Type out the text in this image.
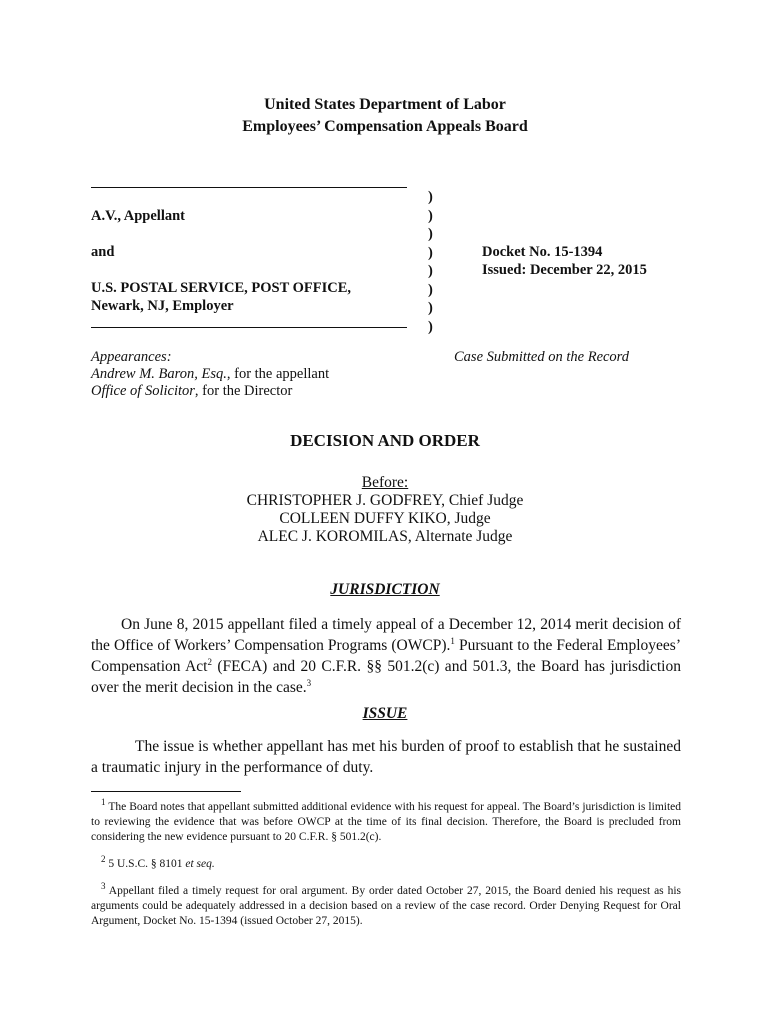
United States Department of Labor
Employees’ Compensation Appeals Board
A.V., Appellant
and
U.S. POSTAL SERVICE, POST OFFICE,
Newark, NJ, Employer
)
)
)
)
)
)
)
)
Docket No. 15-1394
Issued: December 22, 2015
Appearances:
Andrew M. Baron, Esq., for the appellant
Office of Solicitor, for the Director
Case Submitted on the Record
DECISION AND ORDER
Before:
CHRISTOPHER J. GODFREY, Chief Judge
COLLEEN DUFFY KIKO, Judge
ALEC J. KOROMILAS, Alternate Judge
JURISDICTION
On June 8, 2015 appellant filed a timely appeal of a December 12, 2014 merit decision of the Office of Workers’ Compensation Programs (OWCP).$^1$ Pursuant to the Federal Employees’ Compensation Act$^2$ (FECA) and 20 C.F.R. §§ 501.2(c) and 501.3, the Board has jurisdiction over the merit decision in the case.$^3$
ISSUE
The issue is whether appellant has met his burden of proof to establish that he sustained a traumatic injury in the performance of duty.
$^1$ The Board notes that appellant submitted additional evidence with his request for appeal. The Board’s jurisdiction is limited to reviewing the evidence that was before OWCP at the time of its final decision. Therefore, the Board is precluded from considering the new evidence pursuant to 20 C.F.R. § 501.2(c).
$^2$ 5 U.S.C. § 8101 et seq.
$^3$ Appellant filed a timely request for oral argument. By order dated October 27, 2015, the Board denied his request as his arguments could be adequately addressed in a decision based on a review of the case record. Order Denying Request for Oral Argument, Docket No. 15-1394 (issued October 27, 2015).
